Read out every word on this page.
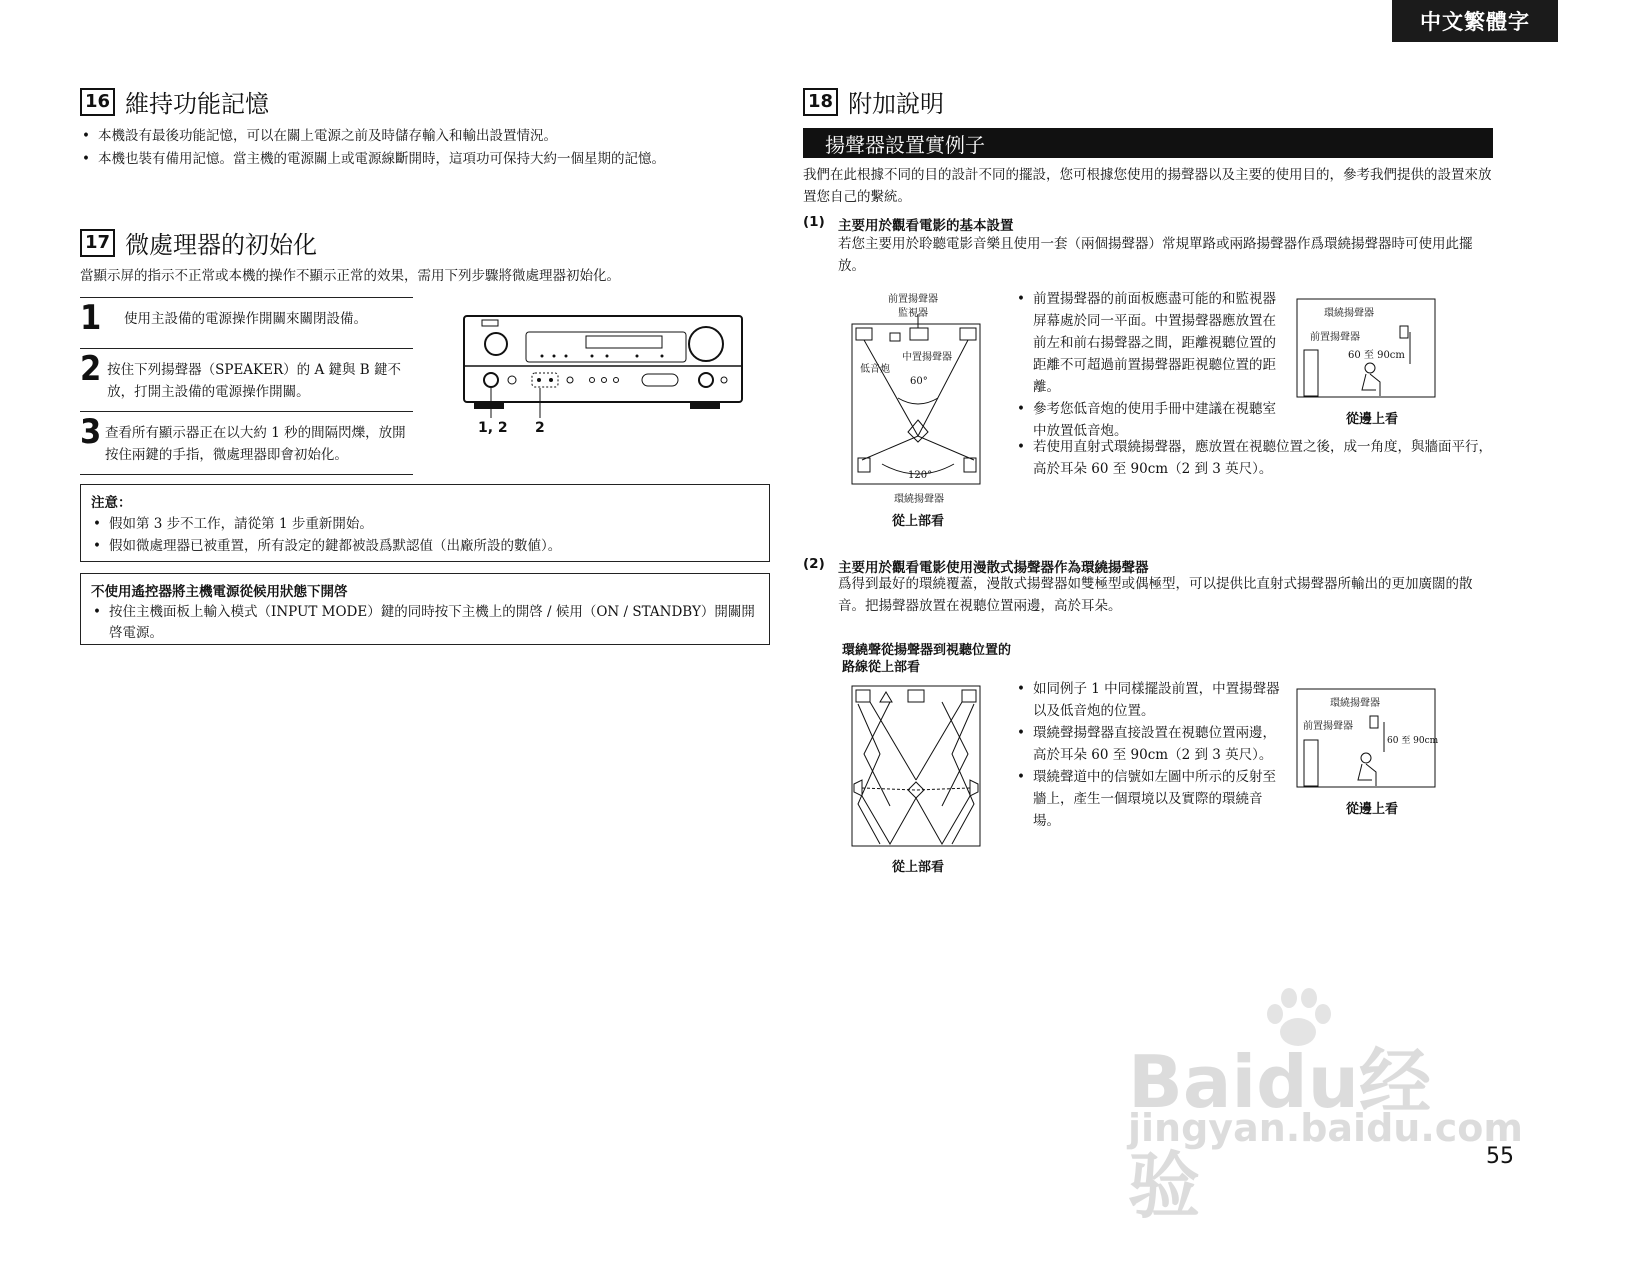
中文繁體字
16 維持功能記憶
• 本機設有最後功能記憶，可以在關上電源之前及時儲存輸入和輸出設置情況。
• 本機也裝有備用記憶。當主機的電源關上或電源線斷開時，這項功可保持大約一個星期的記憶。
17 微處理器的初始化
當顯示屏的指示不正常或本機的操作不顯示正常的效果，需用下列步驟將微處理器初始化。
1	使用主設備的電源操作開關來關閉設備。
2 按住下列揚聲器（SPEAKER）的 A 鍵與 B 鍵不放，打開主設備的電源操作開關。
3 查看所有顯示器正在以大約 1 秒的間隔閃爍，放開按住兩鍵的手指，微處理器即會初始化。
1, 2 2
注意：
• 假如第 3 步不工作，請從第 1 步重新開始。
• 假如微處理器已被重置，所有設定的鍵都被設爲默認值（出廠所設的數値）。
不使用遙控器將主機電源從候用狀態下開啓
• 按住主機面板上輸入模式（INPUT MODE）鍵的同時按下主機上的開啓 / 候用（ON / STANDBY）開關開啓電源。
18 附加說明
揚聲器設置實例子
我們在此根據不同的目的設計不同的擺設，您可根據您使用的揚聲器以及主要的使用目的，參考我們提供的設置來放置您自己的繫統。
(1) 主要用於觀看電影的基本設置
若您主要用於聆聽電影音樂且使用一套（兩個揚聲器）常規單路或兩路揚聲器作爲環繞揚聲器時可使用此擺放。
前置揚聲器
監視器
中置揚聲器
低音炮
60°
120°
環繞揚聲器
從上部看
• 前置揚聲器的前面板應盡可能的和監視器屏幕處於同一平面。中置揚聲器應放置在前左和前右揚聲器之間，距離視聽位置的距離不可超過前置揚聲器距視聽位置的距離。
• 參考您低音炮的使用手冊中建議在視聽室中放置低音炮。
• 若使用直射式環繞揚聲器，應放置在視聽位置之後，成一角度，與牆面平行，高於耳朵 60 至 90cm（2 到 3 英尺）。
環繞揚聲器
前置揚聲器
60 至 90cm
從邊上看
(2) 主要用於觀看電影使用漫散式揚聲器作為環繞揚聲器
爲得到最好的環繞覆蓋，漫散式揚聲器如雙極型或偶極型，可以提供比直射式揚聲器所輸出的更加廣闊的散音。把揚聲器放置在視聽位置兩邊，高於耳朵。
環繞聲從揚聲器到視聽位置的
路線從上部看
從上部看
• 如同例子 1 中同樣擺設前置，中置揚聲器以及低音炮的位置。
• 環繞聲揚聲器直接設置在視聽位置兩邊，高於耳朵 60 至 90cm（2 到 3 英尺）。
• 環繞聲道中的信號如左圖中所示的反射至牆上，產生一個環境以及實際的環繞音場。
環繞揚聲器
前置揚聲器
60 至 90cm
從邊上看
Baidu经验
jingyan.baidu.com
55
